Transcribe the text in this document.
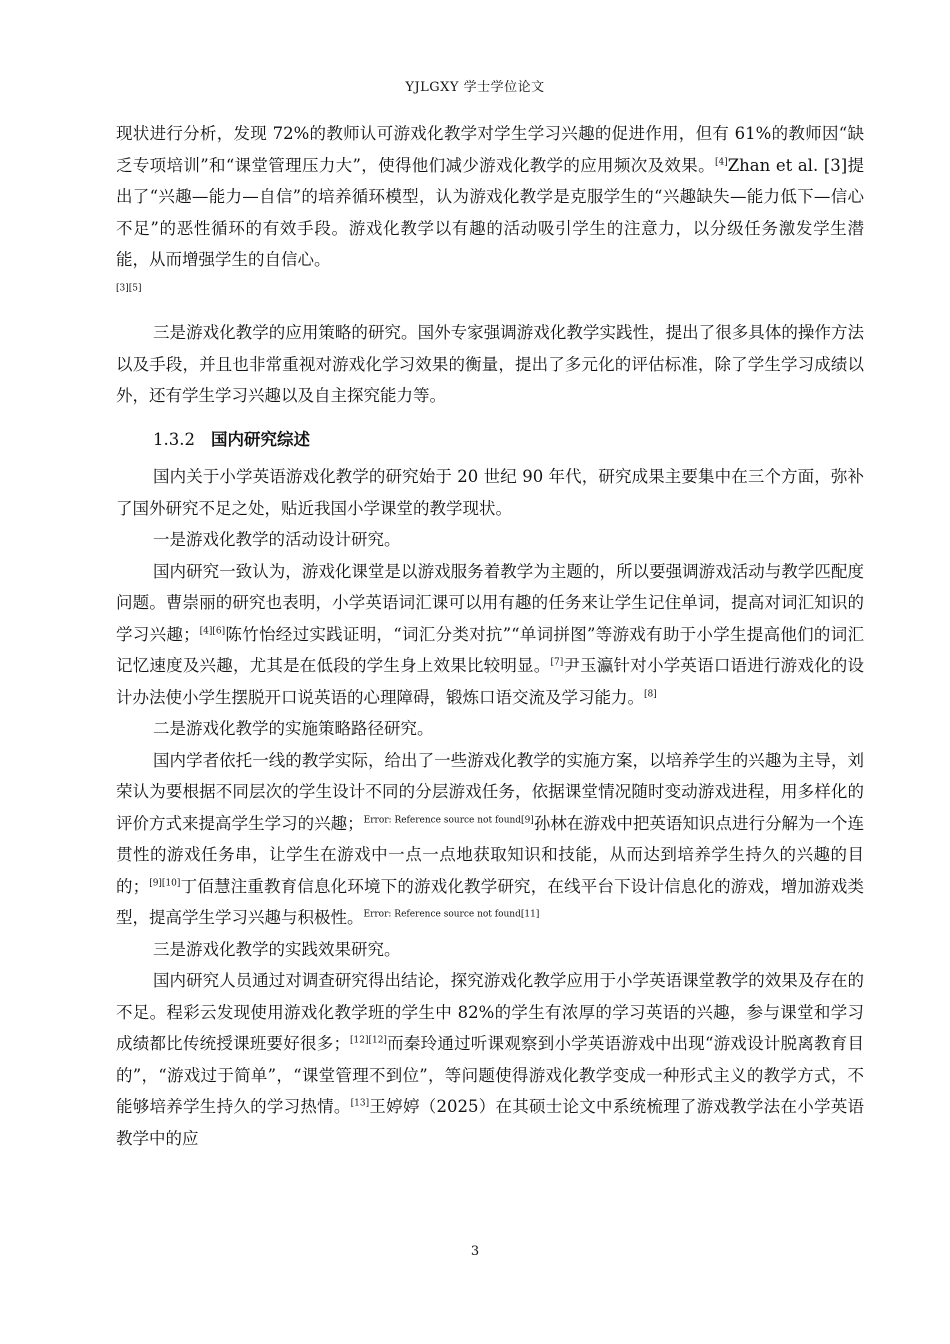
YJLGXY 学士学位论文

现状进行分析，发现 72%的教师认可游戏化教学对学生学习兴趣的促进作用，但有 61%的教师因“缺乏专项培训”和“课堂管理压力大”，使得他们减少游戏化教学的应用频次及效果。[4]Zhan et al. [3]提出了“兴趣—能力—自信”的培养循环模型，认为游戏化教学是克服学生的“兴趣缺失—能力低下—信心不足”的恶性循环的有效手段。游戏化教学以有趣的活动吸引学生的注意力，以分级任务激发学生潜能，从而增强学生的自信心。
[3][5]

三是游戏化教学的应用策略的研究。国外专家强调游戏化教学实践性，提出了很多具体的操作方法以及手段，并且也非常重视对游戏化学习效果的衡量，提出了多元化的评估标准，除了学生学习成绩以外，还有学生学习兴趣以及自主探究能力等。

1.3.2 国内研究综述

国内关于小学英语游戏化教学的研究始于 20 世纪 90 年代，研究成果主要集中在三个方面，弥补了国外研究不足之处，贴近我国小学课堂的教学现状。

一是游戏化教学的活动设计研究。

国内研究一致认为，游戏化课堂是以游戏服务着教学为主题的，所以要强调游戏活动与教学匹配度问题。曹崇丽的研究也表明，小学英语词汇课可以用有趣的任务来让学生记住单词，提高对词汇知识的学习兴趣；[4][6]陈竹怡经过实践证明，“词汇分类对抗”“单词拼图”等游戏有助于小学生提高他们的词汇记忆速度及兴趣，尤其是在低段的学生身上效果比较明显。[7]尹玉瀛针对小学英语口语进行游戏化的设计办法使小学生摆脱开口说英语的心理障碍，锻炼口语交流及学习能力。[8]

二是游戏化教学的实施策略路径研究。

国内学者依托一线的教学实际，给出了一些游戏化教学的实施方案，以培养学生的兴趣为主导，刘荣认为要根据不同层次的学生设计不同的分层游戏任务，依据课堂情况随时变动游戏进程，用多样化的评价方式来提高学生学习的兴趣；$^{Error: Reference source not found[9]}$孙林在游戏中把英语知识点进行分解为一个连贯性的游戏任务串，让学生在游戏中一点一点地获取知识和技能，从而达到培养学生持久的兴趣的目的；[9][10]丁佰慧注重教育信息化环境下的游戏化教学研究，在线平台下设计信息化的游戏，增加游戏类型，提高学生学习兴趣与积极性。$^{Error: Reference source not found[11]}$

三是游戏化教学的实践效果研究。

国内研究人员通过对调查研究得出结论，探究游戏化教学应用于小学英语课堂教学的效果及存在的不足。程彩云发现使用游戏化教学班的学生中 82%的学生有浓厚的学习英语的兴趣，参与课堂和学习成绩都比传统授课班要好很多；[12][12]而秦玲通过听课观察到小学英语游戏中出现“游戏设计脱离教育目的”，“游戏过于简单”，“课堂管理不到位”，等问题使得游戏化教学变成一种形式主义的教学方式，不能够培养学生持久的学习热情。[13]王婷婷（2025）在其硕士论文中系统梳理了游戏教学法在小学英语教学中的应

3
